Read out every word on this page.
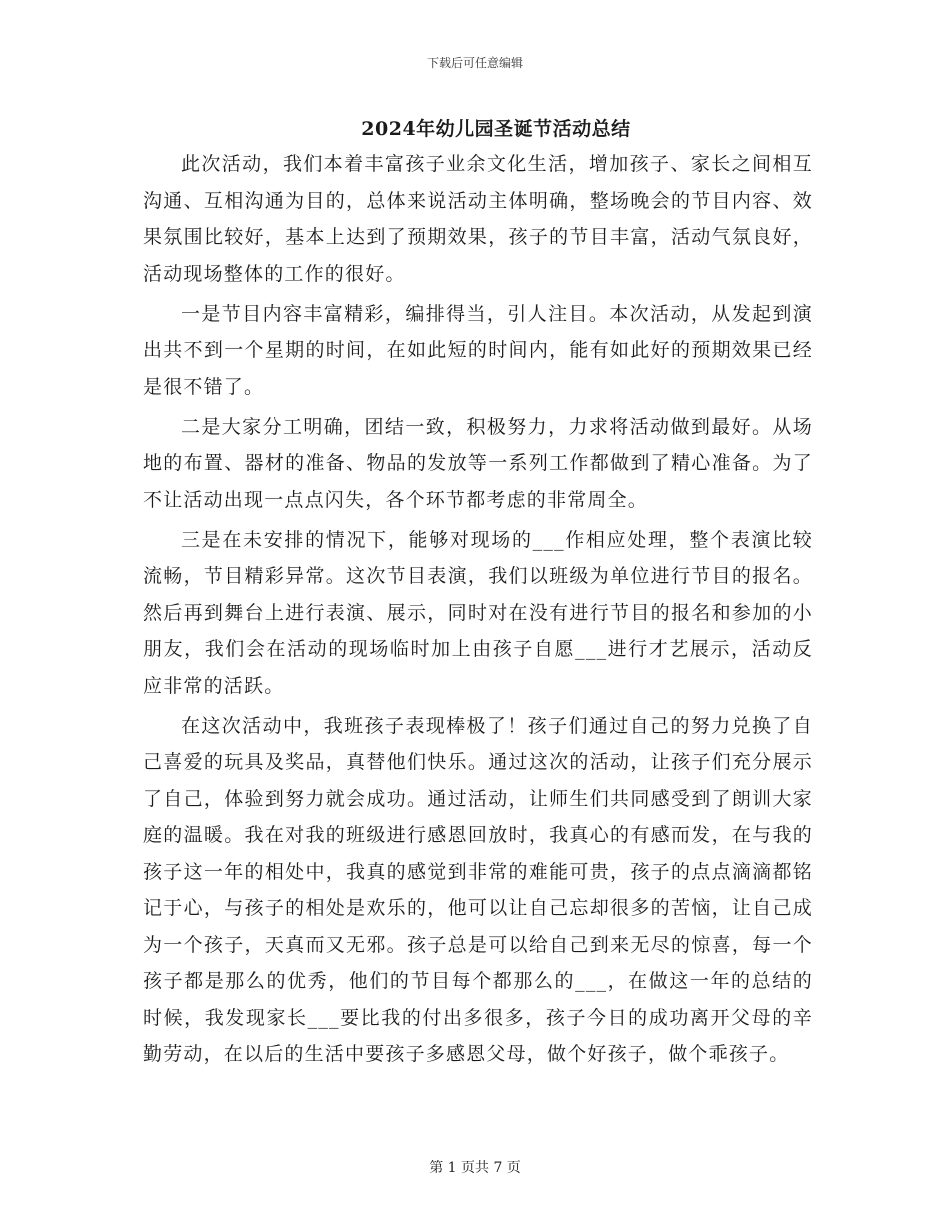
下载后可任意编辑
2024年幼儿园圣诞节活动总结

此次活动，我们本着丰富孩子业余文化生活，增加孩子、家长之间相互沟通、互相沟通为目的，总体来说活动主体明确，整场晚会的节目内容、效果氛围比较好，基本上达到了预期效果，孩子的节目丰富，活动气氛良好，活动现场整体的工作的很好。

一是节目内容丰富精彩，编排得当，引人注目。本次活动，从发起到演出共不到一个星期的时间，在如此短的时间内，能有如此好的预期效果已经是很不错了。

二是大家分工明确，团结一致，积极努力，力求将活动做到最好。从场地的布置、器材的准备、物品的发放等一系列工作都做到了精心准备。为了不让活动出现一点点闪失，各个环节都考虑的非常周全。

三是在未安排的情况下，能够对现场的___作相应处理，整个表演比较流畅，节目精彩异常。这次节目表演，我们以班级为单位进行节目的报名。然后再到舞台上进行表演、展示，同时对在没有进行节目的报名和参加的小朋友，我们会在活动的现场临时加上由孩子自愿___进行才艺展示，活动反应非常的活跃。

在这次活动中，我班孩子表现棒极了！孩子们通过自己的努力兑换了自己喜爱的玩具及奖品，真替他们快乐。通过这次的活动，让孩子们充分展示了自己，体验到努力就会成功。通过活动，让师生们共同感受到了朗训大家庭的温暖。我在对我的班级进行感恩回放时，我真心的有感而发，在与我的孩子这一年的相处中，我真的感觉到非常的难能可贵，孩子的点点滴滴都铭记于心，与孩子的相处是欢乐的，他可以让自己忘却很多的苦恼，让自己成为一个孩子，天真而又无邪。孩子总是可以给自己到来无尽的惊喜，每一个孩子都是那么的优秀，他们的节目每个都那么的___，在做这一年的总结的时候，我发现家长___要比我的付出多很多，孩子今日的成功离开父母的辛勤劳动，在以后的生活中要孩子多感恩父母，做个好孩子，做个乖孩子。

第 1 页共 7 页
